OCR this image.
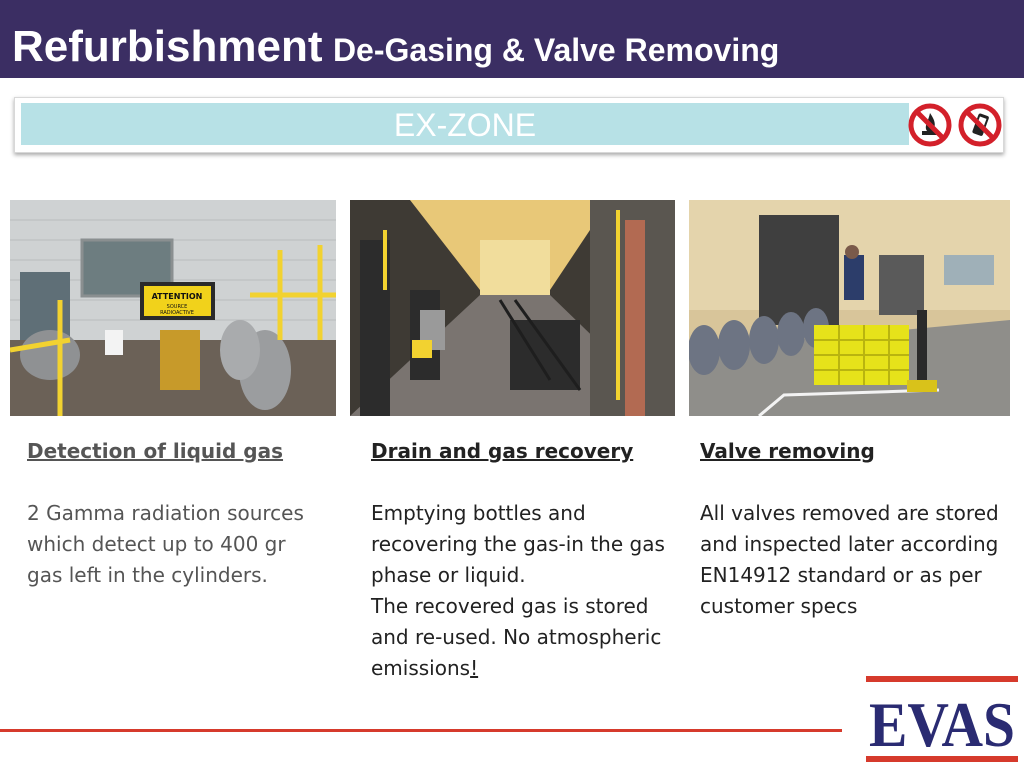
Refurbishment De-Gasing & Valve Removing
EX-ZONE
ATTENTION
SOURCE
RADIOACTIVE
Detection of liquid gas

2 Gamma radiation sources which detect up to 400 gr gas left in the cylinders.

Drain and gas recovery

Emptying bottles and recovering the gas-in the gas phase or liquid.

The recovered gas is stored and re-used. No atmospheric emissions!

Valve removing

All valves removed are stored and inspected later according EN14912 standard or as per customer specs

EVAS
